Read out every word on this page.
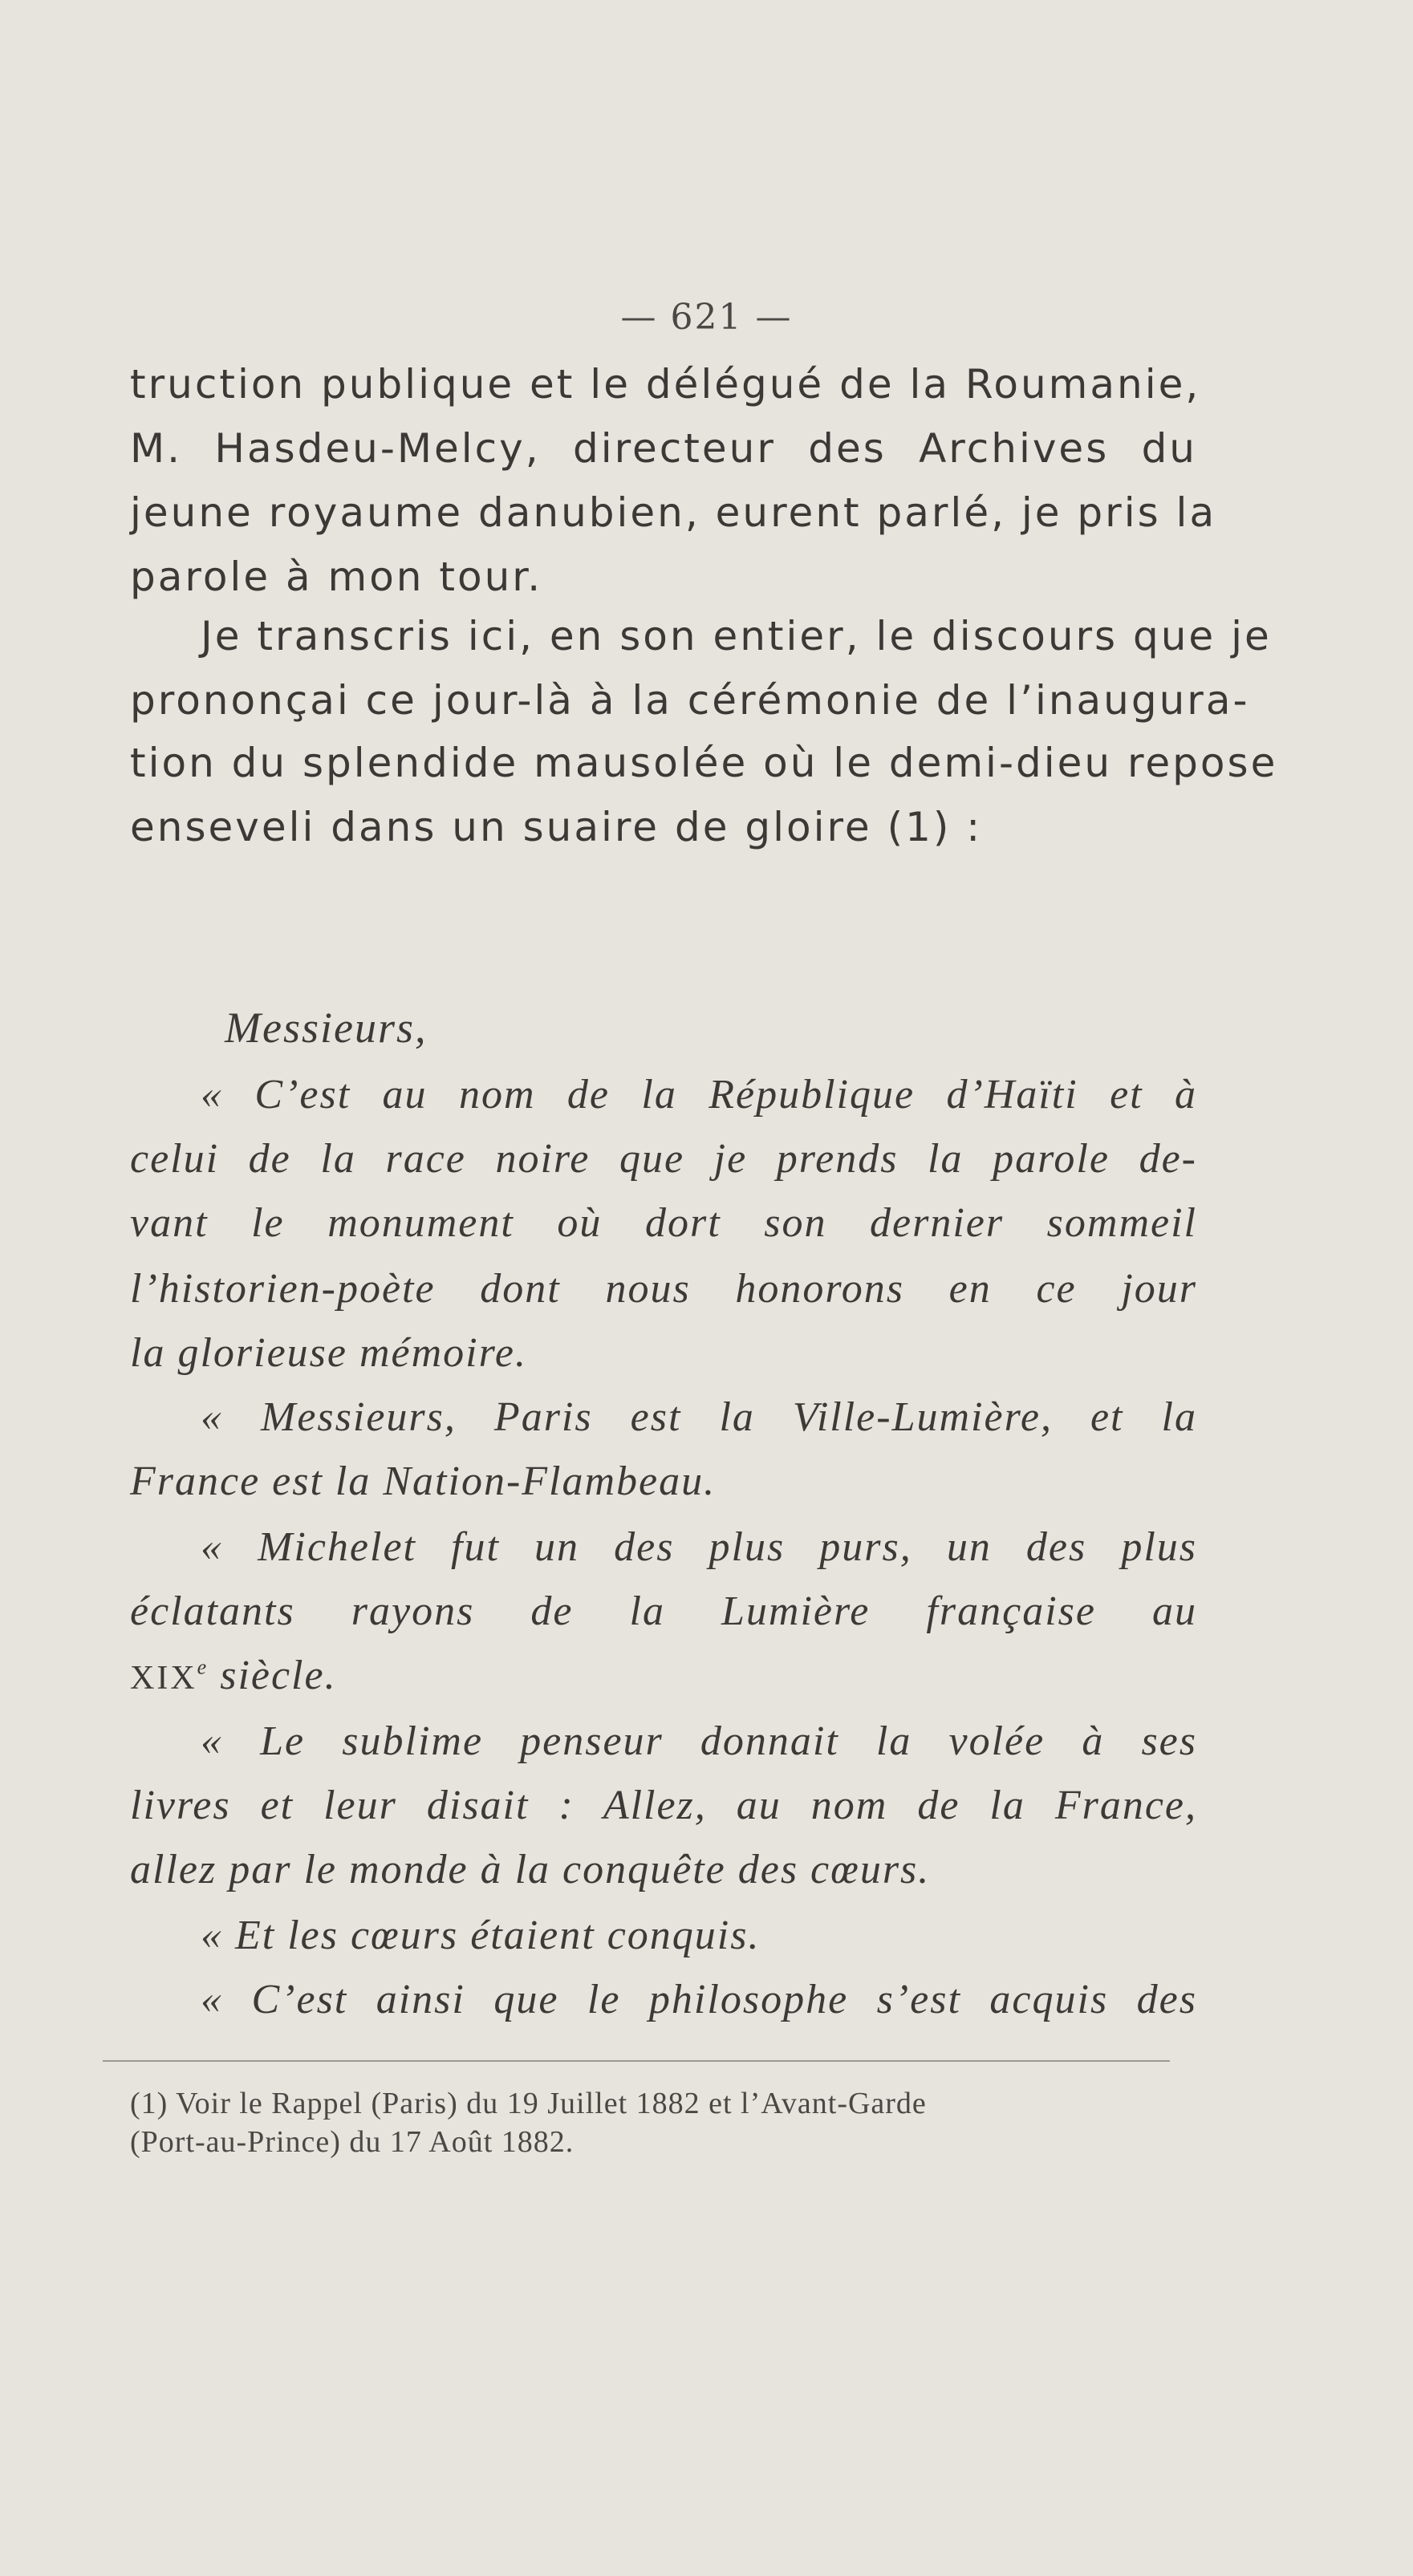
— 621 —
truction publique et le délégué de la Roumanie,
M. Hasdeu-Melcy, directeur des Archives du
jeune royaume danubien, eurent parlé, je pris la
parole à mon tour.
Je transcris ici, en son entier, le discours que je
prononçai ce jour-là à la cérémonie de l’inaugura-
tion du splendide mausolée où le demi-dieu repose
enseveli dans un suaire de gloire (1) :
Messieurs,
« C’est au nom de la République d’Haïti et à
celui de la race noire que je prends la parole de-
vant le monument où dort son dernier sommeil
l’historien-poète dont nous honorons en ce jour
la glorieuse mémoire.
« Messieurs, Paris est la Ville-Lumière, et la
France est la Nation-Flambeau.
« Michelet fut un des plus purs, un des plus
éclatants rayons de la Lumière française au
XIXe siècle.
« Le sublime penseur donnait la volée à ses
livres et leur disait : Allez, au nom de la France,
allez par le monde à la conquête des cœurs.
« Et les cœurs étaient conquis.
« C’est ainsi que le philosophe s’est acquis des
(1) Voir le Rappel (Paris) du 19 Juillet 1882 et l’Avant-Garde
(Port-au-Prince) du 17 Août 1882.
